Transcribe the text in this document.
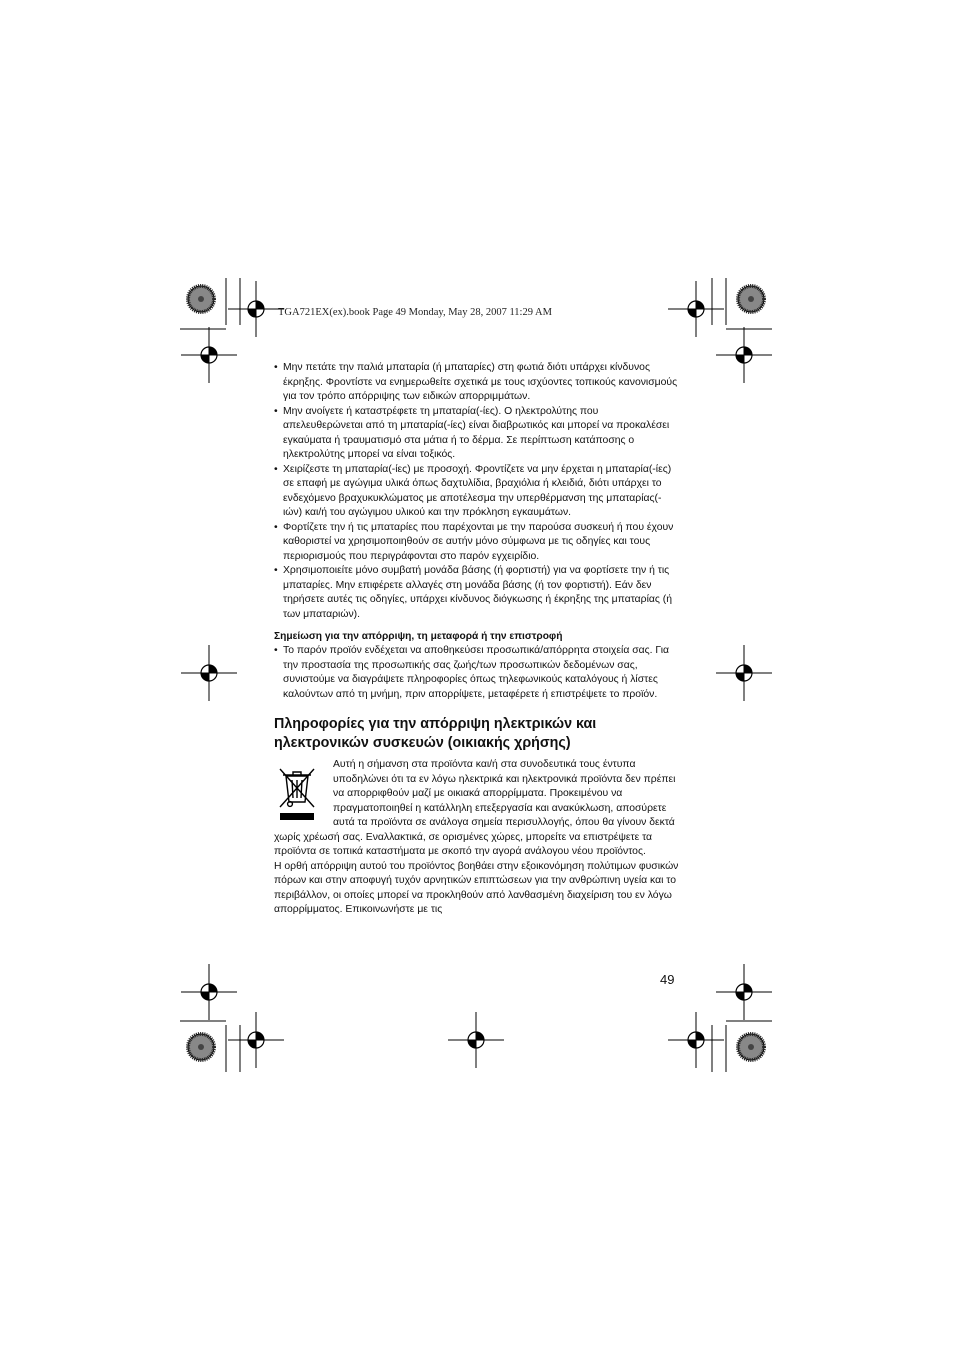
TGA721EX(ex).book Page 49 Monday, May 28, 2007 11:29 AM
• Μην πετάτε την παλιά μπαταρία (ή μπαταρίες) στη φωτιά διότι υπάρχει κίνδυνος έκρηξης. Φροντίστε να ενημερωθείτε σχετικά με τους ισχύοντες τοπικούς κανονισμούς για τον τρόπο απόρριψης των ειδικών απορριμμάτων.
• Μην ανοίγετε ή καταστρέφετε τη μπαταρία(-ίες). Ο ηλεκτρολύτης που απελευθερώνεται από τη μπαταρία(-ίες) είναι διαβρωτικός και μπορεί να προκαλέσει εγκαύματα ή τραυματισμό στα μάτια ή το δέρμα. Σε περίπτωση κατάποσης ο ηλεκτρολύτης μπορεί να είναι τοξικός.
• Χειρίζεστε τη μπαταρία(-ίες) με προσοχή. Φροντίζετε να μην έρχεται η μπαταρία(-ίες) σε επαφή με αγώγιμα υλικά όπως δαχτυλίδια, βραχιόλια ή κλειδιά, διότι υπάρχει το ενδεχόμενο βραχυκυκλώματος με αποτέλεσμα την υπερθέρμανση της μπαταρίας(-ιών) και/ή του αγώγιμου υλικού και την πρόκληση εγκαυμάτων.
• Φορτίζετε την ή τις μπαταρίες που παρέχονται με την παρούσα συσκευή ή που έχουν καθοριστεί να χρησιμοποιηθούν σε αυτήν μόνο σύμφωνα με τις οδηγίες και τους περιορισμούς που περιγράφονται στο παρόν εγχειρίδιο.
• Χρησιμοποιείτε μόνο συμβατή μονάδα βάσης (ή φορτιστή) για να φορτίσετε την ή τις μπαταρίες. Μην επιφέρετε αλλαγές στη μονάδα βάσης (ή τον φορτιστή). Εάν δεν τηρήσετε αυτές τις οδηγίες, υπάρχει κίνδυνος διόγκωσης ή έκρηξης της μπαταρίας (ή των μπαταριών).
Σημείωση για την απόρριψη, τη μεταφορά ή την επιστροφή
• Το παρόν προϊόν ενδέχεται να αποθηκεύσει προσωπικά/απόρρητα στοιχεία σας. Για την προστασία της προσωπικής σας ζωής/των προσωπικών δεδομένων σας, συνιστούμε να διαγράψετε πληροφορίες όπως τηλεφωνικούς καταλόγους ή λίστες καλούντων από τη μνήμη, πριν απορρίψετε, μεταφέρετε ή επιστρέψετε το προϊόν.
Πληροφορίες για την απόρριψη ηλεκτρικών και ηλεκτρονικών συσκευών (οικιακής χρήσης)
Αυτή η σήμανση στα προϊόντα και/ή στα συνοδευτικά τους έντυπα υποδηλώνει ότι τα εν λόγω ηλεκτρικά και ηλεκτρονικά προϊόντα δεν πρέπει να απορριφθούν μαζί με οικιακά απορρίμματα. Προκειμένου να πραγματοποιηθεί η κατάλληλη επεξεργασία και ανακύκλωση, αποσύρετε αυτά τα προϊόντα σε ανάλογα σημεία περισυλλογής, όπου θα γίνουν δεκτά χωρίς χρέωσή σας. Εναλλακτικά, σε ορισμένες χώρες, μπορείτε να επιστρέψετε τα προϊόντα σε τοπικά καταστήματα με σκοπό την αγορά ανάλογου νέου προϊόντος.
Η ορθή απόρριψη αυτού του προϊόντος βοηθάει στην εξοικονόμηση πολύτιμων φυσικών πόρων και στην αποφυγή τυχόν αρνητικών επιπτώσεων για την ανθρώπινη υγεία και το περιβάλλον, οι οποίες μπορεί να προκληθούν από λανθασμένη διαχείριση του εν λόγω απορρίμματος. Επικοινωνήστε με τις
49
